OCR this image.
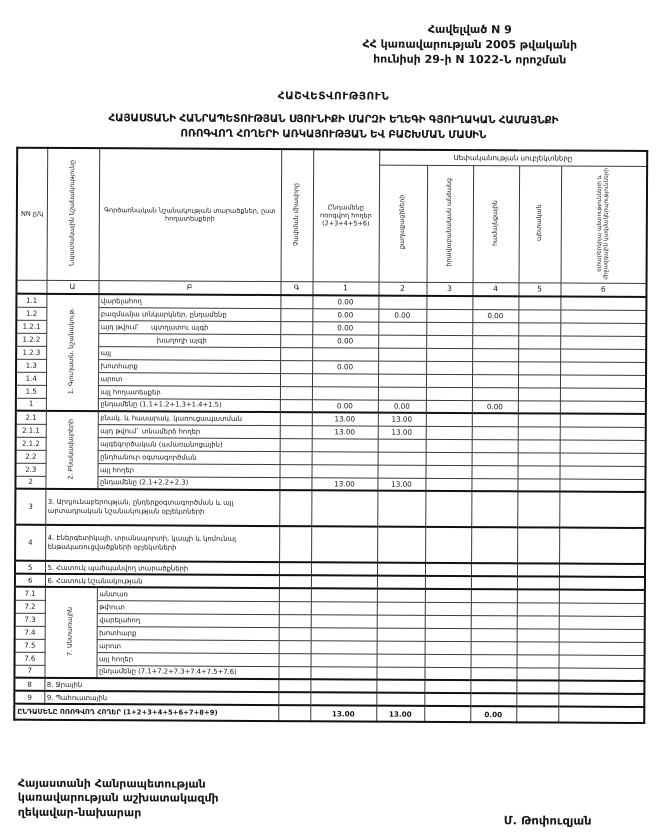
Հավելված N 9
ՀՀ կառավարության 2005 թվականի
հունիսի 29-ի N 1022-Ն որոշման
ՀԱՇՎԵՏՎՈՒԹՅՈՒՆ
ՀԱՅԱՍՏԱՆԻ ՀԱՆՐԱՊԵՏՈՒԹՅԱՆ ՍՅՈՒՆԻՔԻ ՄԱՐԶԻ ԵՂԵԳԻ ԳՅՈՒՂԱԿԱՆ ՀԱՄԱՅՆՔԻ
ՈՌՈԳՎՈՂ ՀՈՂԵՐԻ ԱՌԿԱՅՈՒԹՅԱՆ ԵՎ ԲԱՇԽՄԱՆ ՄԱՍԻՆ
NN ը/կ	Նպատակային նշանակությունը	Գործառնական նշանակության տարածքներ, ըստ հողատեսքերի	Չափման միավորը	Ընդամենը ոռոգվող հողեր (2+3+4+5+6)	Սեփականության սուբյեկտները				
					քաղաքացիների	իրավաբանական անձանց	համայնքային	պետական	օտարերկրյա պետությունների և միջազգային կազմակերպությունների
	Ա	Բ	Գ	1	2	3	4	5	6
1.1	1. Գյուղատն. նշանակութ.	վարելահող		0.00					
1.2		բազմամյա տնկարկներ, ընդամենը		0.00	0.00		0.00		
1.2.1		այդ թվում`     պտղատու այգի		0.00					
1.2.2		խաղողի այգի		0.00					
1.2.3		այլ							
1.3		խոտհարք		0.00					
1.4		արոտ							
1.5		այլ հողատեսքեր							
1		ընդամենը (1.1+1.2+1.3+1.4+1.5)		0.00	0.00		0.00		
2.1	2. Բնակավայրերի	բնակ. և հասարակ. կառուցապատման		13.00	13.00				
2.1.1		այդ թվում` տնամերձ հողեր		13.00	13.00				
2.1.2		այգեգործական (ամառանոցային)							
2.2		ընդհանուր օգտագործման							
2.3		այլ հողեր							
2		ընդամենը (2.1+2.2+2.3)		13.00	13.00				
3	3. Արդյունաբերության, ընդերքօգտագործման և այլ արտադրական նշանակության օբյեկտների								
4	4. Էներգետիկայի, տրանսպորտի, կապի և կոմունալ ենթակառուցվածքների օբյեկտների								
5	5. Հատուկ պահպանվող տարածքների								
6	6. Հատուկ նշանակության								
7.1	7. Անտառային	անտառ							
7.2		թփուտ							
7.3		վարելահող							
7.4		խոտհարք							
7.5		արոտ							
7.6		այլ հողեր							
7		ընդամենը (7.1+7.2+7.3+7.4+7.5+7.6)							
8	8. Ջրային								
9	9. Պահուստային								
ԸՆԴԱՄԵՆԸ ՈՌՈԳՎՈՂ ՀՈՂԵՐ (1+2+3+4+5+6+7+8+9)				13.00	13.00		0.00		
Հայաստանի Հանրապետության
կառավարության աշխատակազմի
ղեկավար-նախարար
Մ. Թոփուզյան
